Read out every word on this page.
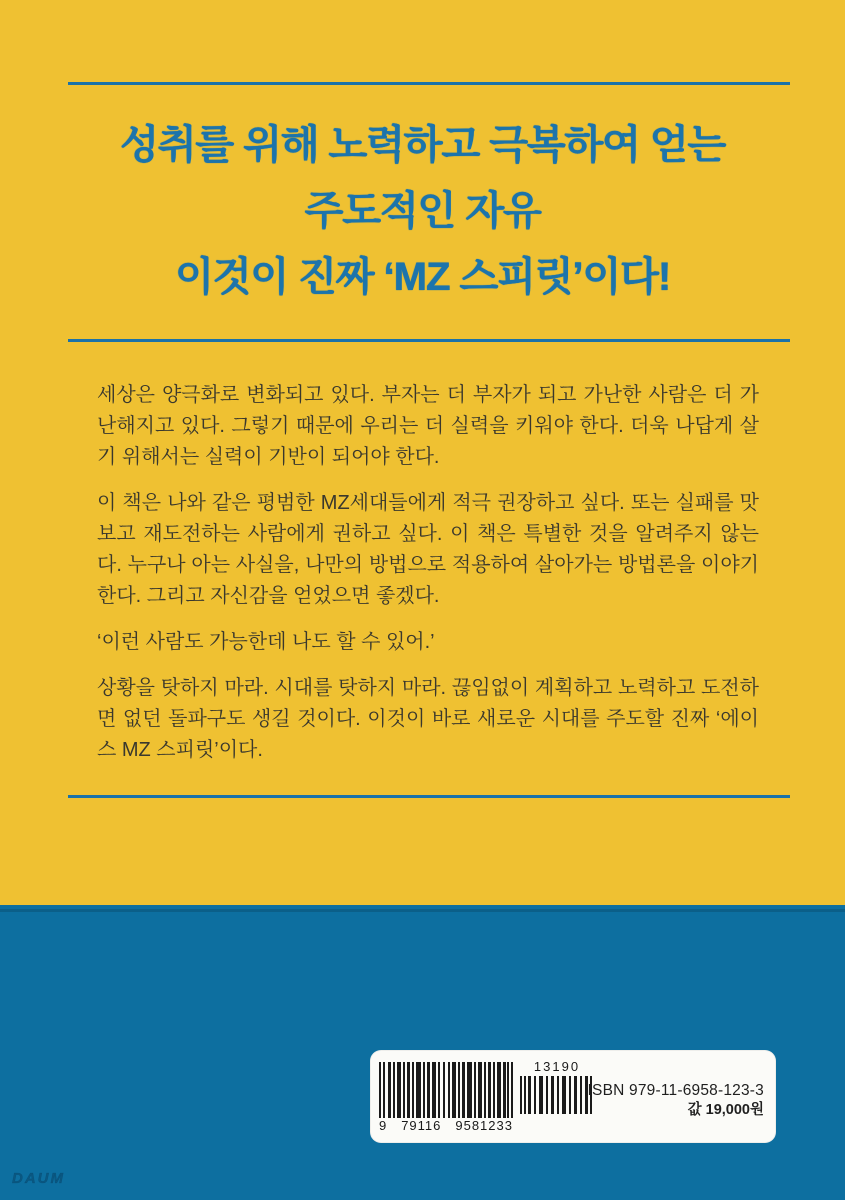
성취를 위해 노력하고 극복하여 얻는
주도적인 자유
이것이 진짜 ‘MZ 스피릿’이다!

세상은 양극화로 변화되고 있다. 부자는 더 부자가 되고 가난한 사람은 더 가난해지고 있다. 그렇기 때문에 우리는 더 실력을 키워야 한다. 더욱 나답게 살기 위해서는 실력이 기반이 되어야 한다.

이 책은 나와 같은 평범한 MZ세대들에게 적극 권장하고 싶다. 또는 실패를 맛보고 재도전하는 사람에게 권하고 싶다. 이 책은 특별한 것을 알려주지 않는다. 누구나 아는 사실을, 나만의 방법으로 적용하여 살아가는 방법론을 이야기한다. 그리고 자신감을 얻었으면 좋겠다.

‘이런 사람도 가능한데 나도 할 수 있어.’

상황을 탓하지 마라. 시대를 탓하지 마라. 끊임없이 계획하고 노력하고 도전하면 없던 돌파구도 생길 것이다. 이것이 바로 새로운 시대를 주도할 진짜 ‘에이스 MZ 스피릿’이다.

9 79116 9581233
13190
ISBN 979-11-6958-123-3
값 19,000원
DAUM
